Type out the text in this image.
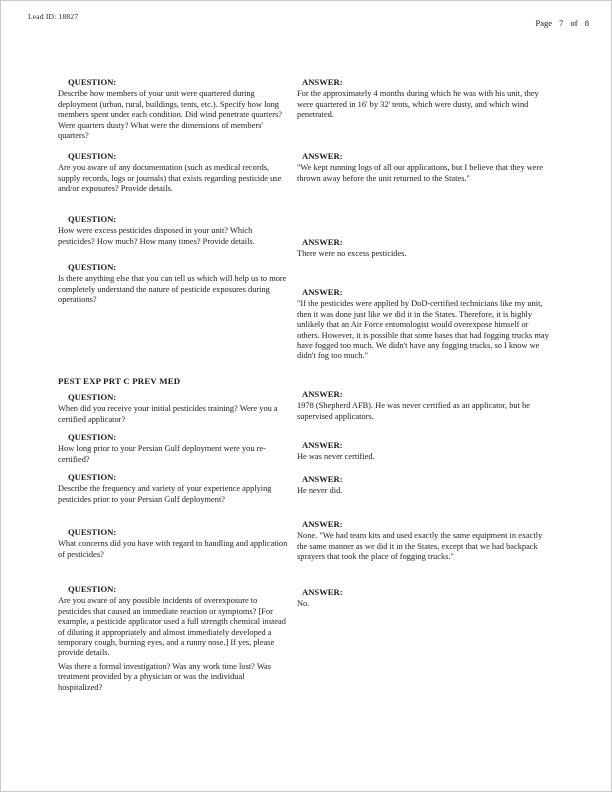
Lead ID: 18827
Page 7 of 8
QUESTION:
Describe how members of your unit were quartered during deployment (urban, rural, buildings, tents, etc.). Specify how long members spent under each condition. Did wind penetrate quarters? Were quarters dusty? What were the dimensions of members' quarters?
ANSWER:
For the approximately 4 months during which he was with his unit, they were quartered in 16' by 32' tents, which were dusty, and which wind penetrated.
QUESTION:
Are you aware of any documentation (such as medical records, supply records, logs or journals) that exists regarding pesticide use and/or exposures? Provide details.
ANSWER:
"We kept running logs of all our applications, but I believe that they were thrown away before the unit returned to the States."
QUESTION:
How were excess pesticides disposed in your unit? Which pesticides? How much? How many times? Provide details.	ANSWER:
There were no excess pesticides.
QUESTION:
Is there anything else that you can tell us which will help us to more completely understand the nature of pesticide exposures during operations?
ANSWER:
"If the pesticides were applied by DoD-certified technicians like my unit, then it was done just like we did it in the States. Therefore, it is highly unlikely that an Air Force entomologist would overexpose himself or others. However, it is possible that some bases that had fogging trucks may have fogged too much. We didn't have any fogging trucks, so I know we didn't fog too much."
PEST EXP PRT C PREV MED
QUESTION:
When did you receive your initial pesticides training? Were you a certified applicator?
ANSWER:
1978 (Shepherd AFB). He was never certified as an applicator, but he supervised applicators.
QUESTION:
How long prior to your Persian Gulf deployment were you re-certified?
ANSWER:
He was never certified.
QUESTION:
Describe the frequency and variety of your experience applying pesticides prior to your Persian Gulf deployment?
ANSWER:
He never did.
QUESTION:
What concerns did you have with regard to handling and application of pesticides?
ANSWER:
None. "We had team kits and used exactly the same equipment in exactly the same manner as we did it in the States, except that we had backpack sprayers that took the place of fogging trucks."
QUESTION:
Are you aware of any possible incidents of overexposure to pesticides that caused an immediate reaction or symptoms? [For example, a pesticide applicator used a full strength chemical instead of diluting it appropriately and almost immediately developed a temporary cough, burning eyes, and a runny nose.] If yes, please provide details.
Was there a formal investigation? Was any work time lost? Was treatment provided by a physician or was the individual hospitalized?
ANSWER:
No.
